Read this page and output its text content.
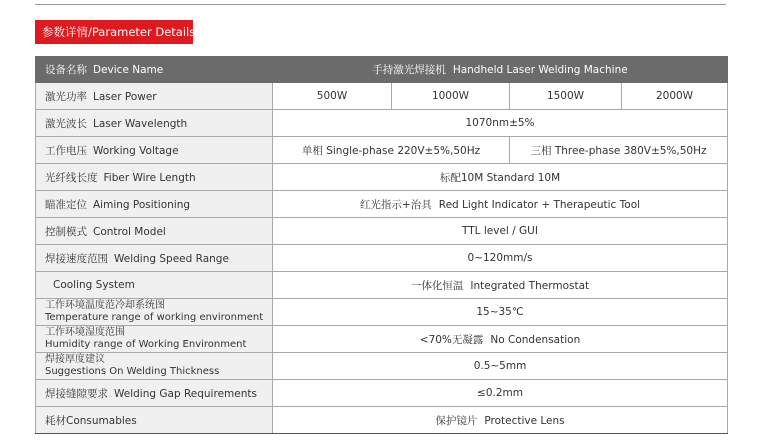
参数详情/Parameter Details
设备名称 Device Name	手持激光焊接机 Handheld Laser Welding Machine			
激光功率 Laser Power	500W	1000W	1500W	2000W
激光波长 Laser Wavelength	1070nm±5%			
工作电压 Working Voltage	单相 Single-phase 220V±5%,50Hz		三相 Three-phase 380V±5%,50Hz	
光纤线长度 Fiber Wire Length	标配10M Standard 10M			
瞄准定位 Aiming Positioning	红光指示+治具 Red Light Indicator + Therapeutic Tool			
控制模式 Control Model	TTL level / GUI			
焊接速度范围 Welding Speed Range	0~120mm/s			
Cooling System	一体化恒温 Integrated Thermostat			

工作环境温度范冷却系统图
Temperature range of working environment	15~35℃			

工作环境湿度范围
Humidity range of Working Environment	<70%无凝露 No Condensation			

焊接厚度建议
Suggestions On Welding Thickness	0.5~5mm			
焊接缝隙要求 Welding Gap Requirements	≤0.2mm			
耗材Consumables	保护镜片 Protective Lens			
